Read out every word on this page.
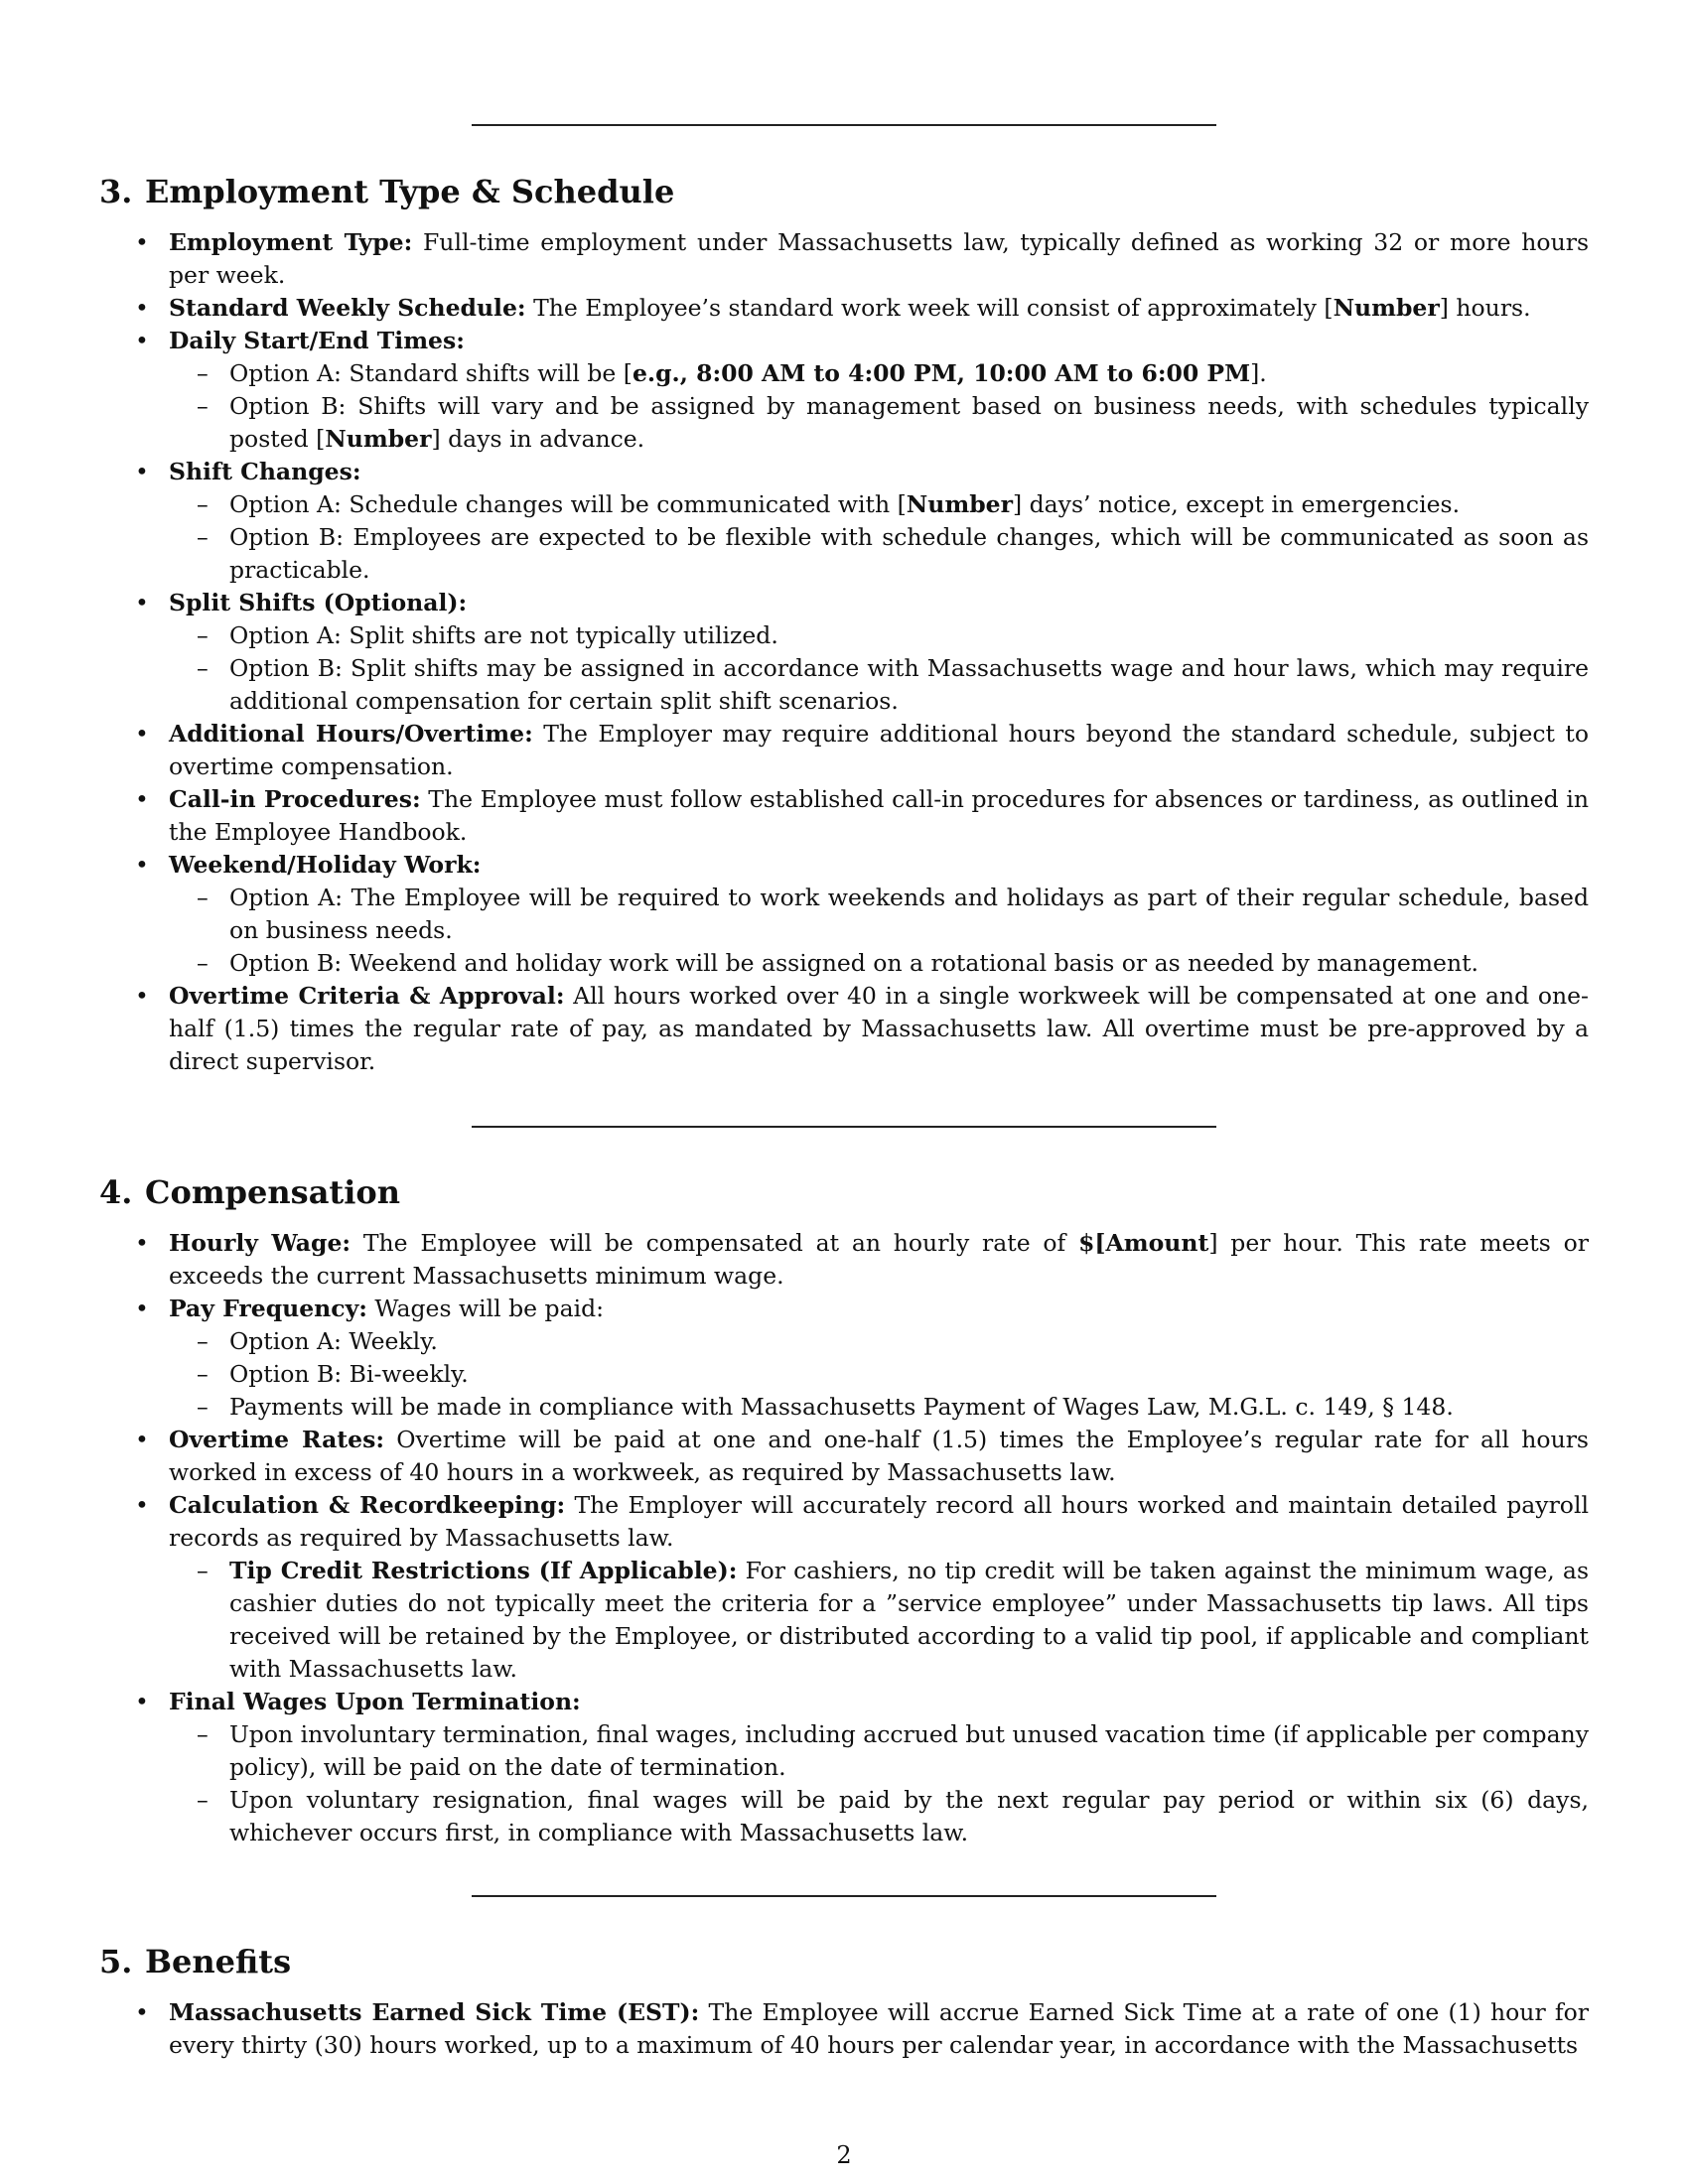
3. Employment Type & Schedule
• Employment Type: Full-time employment under Massachusetts law, typically defined as working 32 or more hours per week.
• Standard Weekly Schedule: The Employee’s standard work week will consist of approximately [Number] hours.
• Daily Start/End Times:
– Option A: Standard shifts will be [e.g., 8:00 AM to 4:00 PM, 10:00 AM to 6:00 PM].
– Option B: Shifts will vary and be assigned by management based on business needs, with schedules typically posted [Number] days in advance.
• Shift Changes:
– Option A: Schedule changes will be communicated with [Number] days’ notice, except in emergencies.
– Option B: Employees are expected to be flexible with schedule changes, which will be communicated as soon as practicable.
• Split Shifts (Optional):
– Option A: Split shifts are not typically utilized.
– Option B: Split shifts may be assigned in accordance with Massachusetts wage and hour laws, which may require additional compensation for certain split shift scenarios.
• Additional Hours/Overtime: The Employer may require additional hours beyond the standard schedule, subject to overtime compensation.
• Call-in Procedures: The Employee must follow established call-in procedures for absences or tardiness, as outlined in the Employee Handbook.
• Weekend/Holiday Work:
– Option A: The Employee will be required to work weekends and holidays as part of their regular schedule, based on business needs.
– Option B: Weekend and holiday work will be assigned on a rotational basis or as needed by management.
• Overtime Criteria & Approval: All hours worked over 40 in a single workweek will be compensated at one and one-half (1.5) times the regular rate of pay, as mandated by Massachusetts law. All overtime must be pre-approved by a direct supervisor.
4. Compensation
• Hourly Wage: The Employee will be compensated at an hourly rate of $[Amount] per hour. This rate meets or exceeds the current Massachusetts minimum wage.
• Pay Frequency: Wages will be paid:
– Option A: Weekly.
– Option B: Bi-weekly.
– Payments will be made in compliance with Massachusetts Payment of Wages Law, M.G.L. c. 149, § 148.
• Overtime Rates: Overtime will be paid at one and one-half (1.5) times the Employee’s regular rate for all hours worked in excess of 40 hours in a workweek, as required by Massachusetts law.
• Calculation & Recordkeeping: The Employer will accurately record all hours worked and maintain detailed payroll records as required by Massachusetts law.
– Tip Credit Restrictions (If Applicable): For cashiers, no tip credit will be taken against the minimum wage, as cashier duties do not typically meet the criteria for a ”service employee” under Massachusetts tip laws. All tips received will be retained by the Employee, or distributed according to a valid tip pool, if applicable and compliant with Massachusetts law.
• Final Wages Upon Termination:
– Upon involuntary termination, final wages, including accrued but unused vacation time (if applicable per company policy), will be paid on the date of termination.
– Upon voluntary resignation, final wages will be paid by the next regular pay period or within six (6) days, whichever occurs first, in compliance with Massachusetts law.
5. Benefits
• Massachusetts Earned Sick Time (EST): The Employee will accrue Earned Sick Time at a rate of one (1) hour for every thirty (30) hours worked, up to a maximum of 40 hours per calendar year, in accordance with the Massachusetts
2
